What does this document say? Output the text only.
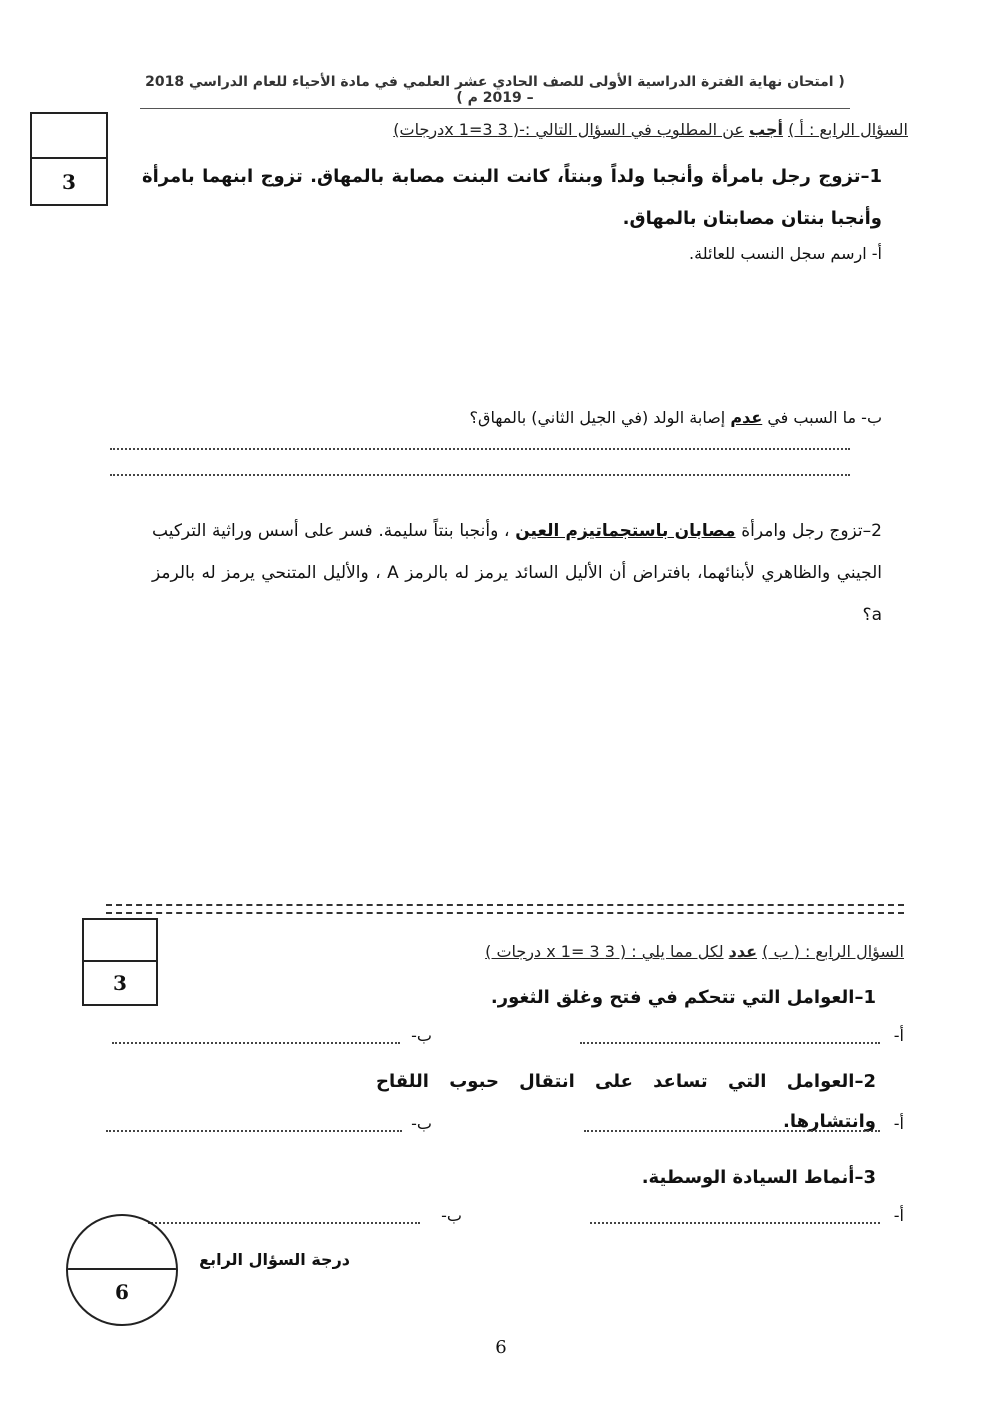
( امتحان نهاية الفترة الدراسية الأولى للصف الحادي عشر العلمي في مادة الأحياء للعام الدراسي 2018 – 2019 م )
3
السؤال الرابع : أ ) أجب عن المطلوب في السؤال التالي :-( 3 x 1=3درجات)
1–تزوج رجل بامرأة وأنجبا ولداً وبنتاً، كانت البنت مصابة بالمهاق. تزوج ابنهما بامرأة وأنجبا بنتان مصابتان بالمهاق.
أ- ارسم سجل النسب للعائلة.
ب- ما السبب في عدم إصابة الولد (في الجيل الثاني) بالمهاق؟
2–تزوج رجل وامرأة مصابان باستجماتيزم العين ، وأنجبا بنتاً سليمة. فسر على أسس وراثية التركيب الجيني والظاهري لأبنائهما، بافتراض أن الأليل السائد يرمز له بالرمز A ، والأليل المتنحي يرمز له بالرمز a؟
3
السؤال الرابع : ( ب ) عدد لكل مما يلي : ( 3 x 1= 3 درجات )
1–العوامل التي تتحكم في فتح وغلق الثغور.
أ-
ب-
2–العوامل التي تساعد على انتقال حبوب اللقاح وانتشارها.	أ-
ب-
3–أنماط السيادة الوسطية.
أ-
ب-
6
درجة السؤال الرابع
6
